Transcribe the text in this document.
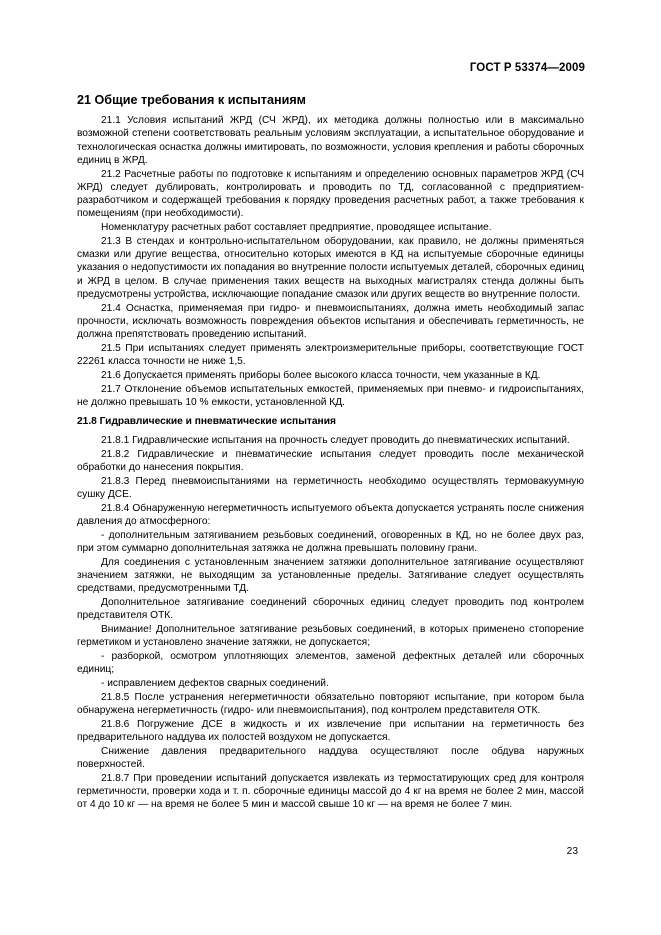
ГОСТ Р 53374—2009
21 Общие требования к испытаниям

21.1 Условия испытаний ЖРД (СЧ ЖРД), их методика должны полностью или в максимально возможной степени соответствовать реальным условиям эксплуатации, а испытательное оборудование и технологическая оснастка должны имитировать, по возможности, условия крепления и работы сборочных единиц в ЖРД.

21.2 Расчетные работы по подготовке к испытаниям и определению основных параметров ЖРД (СЧ ЖРД) следует дублировать, контролировать и проводить по ТД, согласованной с предприятием-разработчиком и содержащей требования к порядку проведения расчетных работ, а также требования к помещениям (при необходимости).

Номенклатуру расчетных работ составляет предприятие, проводящее испытание.

21.3 В стендах и контрольно-испытательном оборудовании, как правило, не должны применяться смазки или другие вещества, относительно которых имеются в КД на испытуемые сборочные единицы указания о недопустимости их попадания во внутренние полости испытуемых деталей, сборочных единиц и ЖРД в целом. В случае применения таких веществ на выходных магистралях стенда должны быть предусмотрены устройства, исключающие попадание смазок или других веществ во внутренние полости.

21.4 Оснастка, применяемая при гидро- и пневмоиспытаниях, должна иметь необходимый запас прочности, исключать возможность повреждения объектов испытания и обеспечивать герметичность, не должна препятствовать проведению испытаний.

21.5 При испытаниях следует применять электроизмерительные приборы, соответствующие ГОСТ 22261 класса точности не ниже 1,5.

21.6 Допускается применять приборы более высокого класса точности, чем указанные в КД.

21.7 Отклонение объемов испытательных емкостей, применяемых при пневмо- и гидроиспытаниях, не должно превышать 10 % емкости, установленной КД.

21.8 Гидравлические и пневматические испытания

21.8.1 Гидравлические испытания на прочность следует проводить до пневматических испытаний.

21.8.2 Гидравлические и пневматические испытания следует проводить после механической обработки до нанесения покрытия.

21.8.3 Перед пневмоиспытаниями на герметичность необходимо осуществлять термовакуумную сушку ДСЕ.

21.8.4 Обнаруженную негерметичность испытуемого объекта допускается устранять после снижения давления до атмосферного:

- дополнительным затягиванием резьбовых соединений, оговоренных в КД, но не более двух раз, при этом суммарно дополнительная затяжка не должна превышать половину грани.

Для соединения с установленным значением затяжки дополнительное затягивание осуществляют значением затяжки, не выходящим за установленные пределы. Затягивание следует осуществлять средствами, предусмотренными ТД.

Дополнительное затягивание соединений сборочных единиц следует проводить под контролем представителя ОТК.

Внимание! Дополнительное затягивание резьбовых соединений, в которых применено стопорение герметиком и установлено значение затяжки, не допускается;

- разборкой, осмотром уплотняющих элементов, заменой дефектных деталей или сборочных единиц;

- исправлением дефектов сварных соединений.

21.8.5 После устранения негерметичности обязательно повторяют испытание, при котором была обнаружена негерметичность (гидро- или пневмоиспытания), под контролем представителя ОТК.

21.8.6 Погружение ДСЕ в жидкость и их извлечение при испытании на герметичность без предварительного наддува их полостей воздухом не допускается.

Снижение давления предварительного наддува осуществляют после обдува наружных поверхностей.

21.8.7 При проведении испытаний допускается извлекать из термостатирующих сред для контроля герметичности, проверки хода и т. п. сборочные единицы массой до 4 кг на время не более 2 мин, массой от 4 до 10 кг — на время не более 5 мин и массой свыше 10 кг — на время не более 7 мин.

23
